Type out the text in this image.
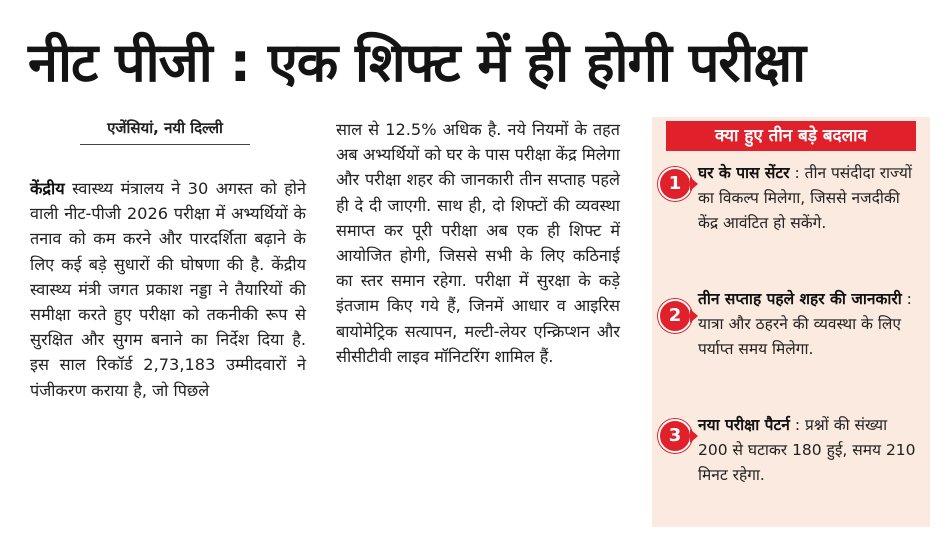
नीट पीजी : एक शिफ्ट में ही होगी परीक्षा
एजेंसियां, नयी दिल्ली

केंद्रीय स्वास्थ्य मंत्रालय ने 30 अगस्त को होने वाली नीट-पीजी 2026 परीक्षा में अभ्यर्थियों के तनाव को कम करने और पारदर्शिता बढ़ाने के लिए कई बड़े सुधारों की घोषणा की है. केंद्रीय स्वास्थ्य मंत्री जगत प्रकाश नड्डा ने तैयारियों की समीक्षा करते हुए परीक्षा को तकनीकी रूप से सुरक्षित और सुगम बनाने का निर्देश दिया है. इस साल रिकॉर्ड 2,73,183 उम्मीदवारों ने पंजीकरण कराया है, जो पिछले

साल से 12.5% अधिक है. नये नियमों के तहत अब अभ्यर्थियों को घर के पास परीक्षा केंद्र मिलेगा और परीक्षा शहर की जानकारी तीन सप्ताह पहले ही दे दी जाएगी. साथ ही, दो शिफ्टों की व्यवस्था समाप्त कर पूरी परीक्षा अब एक ही शिफ्ट में आयोजित होगी, जिससे सभी के लिए कठिनाई का स्तर समान रहेगा. परीक्षा में सुरक्षा के कड़े इंतजाम किए गये हैं, जिनमें आधार व आइरिस बायोमेट्रिक सत्यापन, मल्टी-लेयर एन्क्रिप्शन और सीसीटीवी लाइव मॉनिटरिंग शामिल हैं.

क्या हुए तीन बड़े बदलाव
1	घर के पास सेंटर : तीन पसंदीदा राज्यों का विकल्प मिलेगा, जिससे नजदीकी केंद्र आवंटित हो सकेंगे.
2
तीन सप्ताह पहले शहर की जानकारी : यात्रा और ठहरने की व्यवस्था के लिए पर्याप्त समय मिलेगा.
3	नया परीक्षा पैटर्न : प्रश्नों की संख्या 200 से घटाकर 180 हुई, समय 210 मिनट रहेगा.
